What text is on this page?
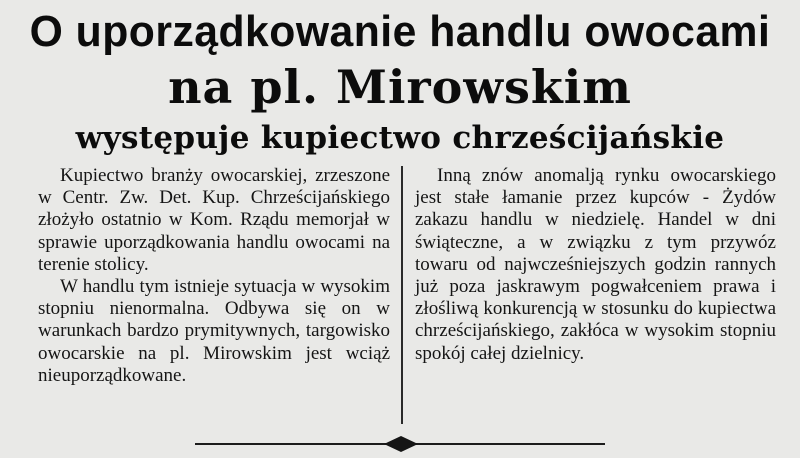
O uporządkowanie handlu owocami
na pl. Mirowskim
występuje kupiectwo chrześcijańskie

Kupiectwo branży owocarskiej, zrzeszone w Centr. Zw. Det. Kup. Chrześcijańskiego złożyło ostatnio w Kom. Rządu memorjał w sprawie uporządkowania handlu owocami na terenie stolicy.

W handlu tym istnieje sytuacja w wysokim stopniu nienormalna. Odbywa się on w warunkach bardzo prymitywnych, targowisko owocarskie na pl. Mirowskim jest wciąż nieuporządkowane.

Inną znów anomalją rynku owocarskiego jest stałe łamanie przez kupców - Żydów zakazu handlu w niedzielę. Handel w dni świąteczne, a w związku z tym przywóz towaru od najwcześniejszych godzin rannych już poza jaskrawym pogwałceniem prawa i złośliwą konkurencją w stosunku do kupiectwa chrześcijańskiego, zakłóca w wysokim stopniu spokój całej dzielnicy.
